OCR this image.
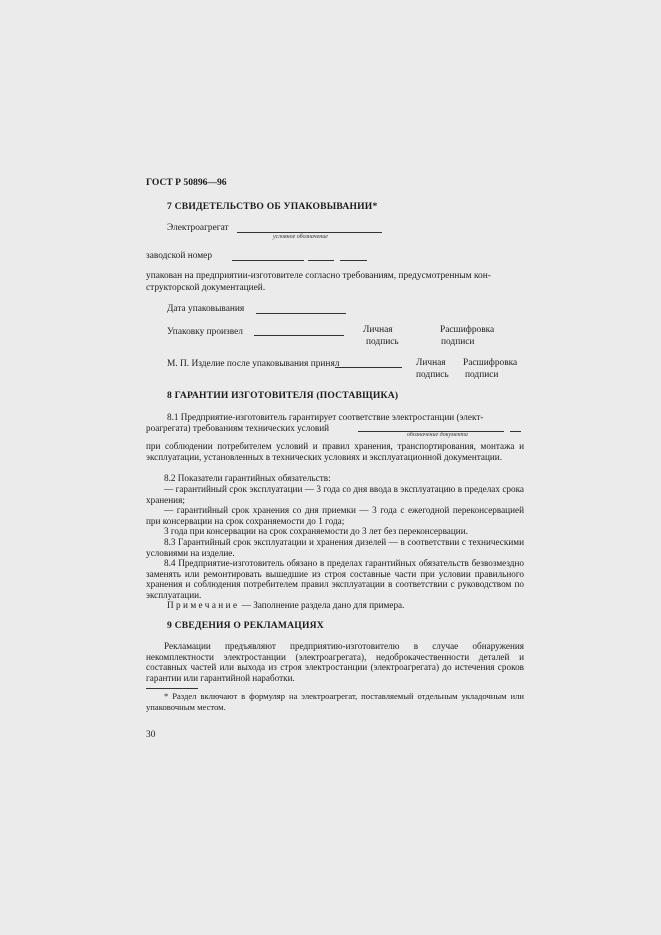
ГОСТ Р 50896—96
7 СВИДЕТЕЛЬСТВО ОБ УПАКОВЫВАНИИ*
Электроагрегат
условное обозначение
заводской номер
упакован на предприятии-изготовителе согласно требованиям, предусмотренным кон-
структорской документацией.
Дата упаковывания
Упаковку произвел	Личная
подпись
Расшифровка
подписи
М. П. Изделие после упаковывания принял	Личная
подпись
Расшифровка
подписи
8 ГАРАНТИИ ИЗГОТОВИТЕЛЯ (ПОСТАВЩИКА)
8.1 Предприятие-изготовитель гарантирует соответствие электростанции (элект-
роагрегата) требованиям технических условий
обозначение документа

при соблюдении потребителем условий и правил хранения, транспортирования, монтажа и эксплуатации, установленных в технических условиях и эксплуатационной документации.

8.2 Показатели гарантийных обязательств:

— гарантийный срок эксплуатации — 3 года со дня ввода в эксплуатацию в пределах срока хранения;

— гарантийный срок хранения со дня приемки — 3 года с ежегодной переконсервацией при консервации на срок сохраняемости до 1 года;

3 года при консервации на срок сохраняемости до 3 лет без переконсервации.

8.3 Гарантийный срок эксплуатации и хранения дизелей — в соответствии с техническими условиями на изделие.

8.4 Предприятие-изготовитель обязано в пределах гарантийных обязательств безвозмездно заменять или ремонтировать вышедшие из строя составные части при условии правильного хранения и соблюдения потребителем правил эксплуатации в соответствии с руководством по эксплуатации.

Примечание — Заполнение раздела дано для примера.
9 СВЕДЕНИЯ О РЕКЛАМАЦИЯХ

Рекламации предъявляют предприятию-изготовителю в случае обнаружения некомплектности электростанции (электроагрегата), недоброкачественности деталей и составных частей или выхода из строя электростанции (электроагрегата) до истечения сроков гарантии или гарантийной наработки.

* Раздел включают в формуляр на электроагрегат, поставляемый отдельным укладочным или упаковочным местом.

30
